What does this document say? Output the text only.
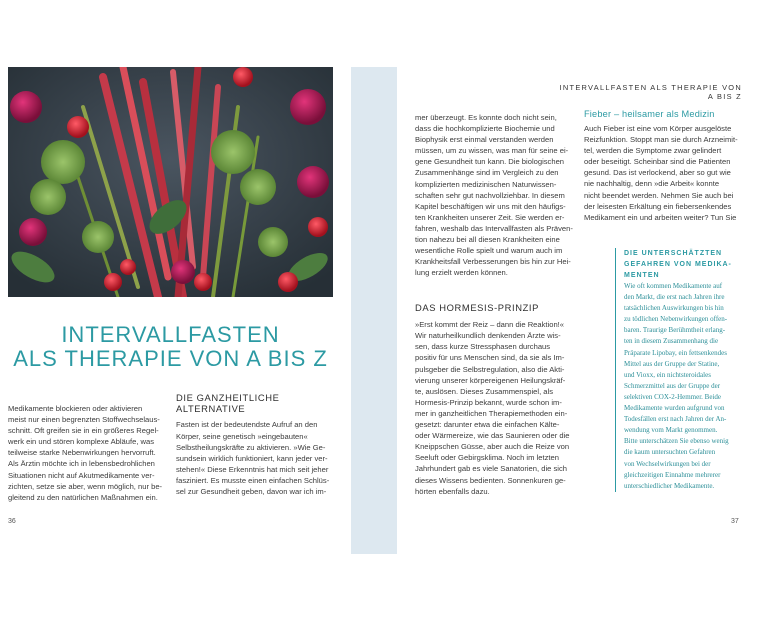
INTERVALLFASTEN
ALS THERAPIE VON A BIS Z

Medikamente blockieren oder aktivieren

meist nur einen begrenzten Stoffwechselaus-

schnitt. Oft greifen sie in ein größeres Regel-

werk ein und stören komplexe Abläufe, was

teilweise starke Nebenwirkungen hervorruft.

Als Ärztin möchte ich in lebensbedrohlichen

Situationen nicht auf Akutmedikamente ver-

zichten, setze sie aber, wenn möglich, nur be-

gleitend zu den natürlichen Maßnahmen ein.

DIE GANZHEITLICHE

ALTERNATIVE

Fasten ist der bedeutendste Aufruf an den

Körper, seine genetisch »eingebauten«

Selbstheilungskräfte zu aktivieren. »Wie Ge-

sundsein wirklich funktioniert, kann jeder ver-

stehen!« Diese Erkenntnis hat mich seit jeher

fasziniert. Es musste einen einfachen Schlüs-

sel zur Gesundheit geben, davon war ich im-

36
INTERVALLFASTEN ALS THERAPIE VON A BIS Z

mer überzeugt. Es konnte doch nicht sein,

dass die hochkomplizierte Biochemie und

Biophysik erst einmal verstanden werden

müssen, um zu wissen, was man für seine ei-

gene Gesundheit tun kann. Die biologischen

Zusammenhänge sind im Vergleich zu den

komplizierten medizinischen Naturwissen-

schaften sehr gut nachvollziehbar. In diesem

Kapitel beschäftigen wir uns mit den häufigs-

ten Krankheiten unserer Zeit. Sie werden er-

fahren, weshalb das Intervallfasten als Präven-

tion nahezu bei all diesen Krankheiten eine

wesentliche Rolle spielt und warum auch im

Krankheitsfall Verbesserungen bis hin zur Hei-

lung erzielt werden können.

DAS HORMESIS-PRINZIP

»Erst kommt der Reiz – dann die Reaktion!«

Wir naturheilkundlich denkenden Ärzte wis-

sen, dass kurze Stressphasen durchaus

positiv für uns Menschen sind, da sie als Im-

pulsgeber die Selbstregulation, also die Akti-

vierung unserer körpereigenen Heilungskräf-

te, auslösen. Dieses Zusammenspiel, als

Hormesis-Prinzip bekannt, wurde schon im-

mer in ganzheitlichen Therapiemethoden ein-

gesetzt: darunter etwa die einfachen Kälte-

oder Wärmereize, wie das Saunieren oder die

Kneippschen Güsse, aber auch die Reize von

Seeluft oder Gebirgsklima. Noch im letzten

Jahrhundert gab es viele Sanatorien, die sich

dieses Wissens bedienten. Sonnenkuren ge-

hörten ebenfalls dazu.

Fieber – heilsamer als Medizin

Auch Fieber ist eine vom Körper ausgelöste

Reizfunktion. Stoppt man sie durch Arzneimit-

tel, werden die Symptome zwar gelindert

oder beseitigt. Scheinbar sind die Patienten

gesund. Das ist verlockend, aber so gut wie

nie nachhaltig, denn »die Arbeit« konnte

nicht beendet werden. Nehmen Sie auch bei

der leisesten Erkältung ein fiebersenkendes

Medikament ein und arbeiten weiter? Tun Sie

DIE UNTERSCHÄTZTEN

GEFAHREN VON MEDIKA-

MENTEN

Wie oft kommen Medikamente auf

den Markt, die erst nach Jahren ihre

tatsächlichen Auswirkungen bis hin

zu tödlichen Nebenwirkungen offen-

baren. Traurige Berühmtheit erlang-

ten in diesem Zusammenhang die

Präparate Lipobay, ein fettsenkendes

Mittel aus der Gruppe der Statine,

und Vioxx, ein nichtsteroidales

Schmerzmittel aus der Gruppe der

selektiven COX-2-Hemmer. Beide

Medikamente wurden aufgrund von

Todesfällen erst nach Jahren der An-

wendung vom Markt genommen.

Bitte unterschätzen Sie ebenso wenig

die kaum untersuchten Gefahren

von Wechselwirkungen bei der

gleichzeitigen Einnahme mehrerer

unterschiedlicher Medikamente.

37
